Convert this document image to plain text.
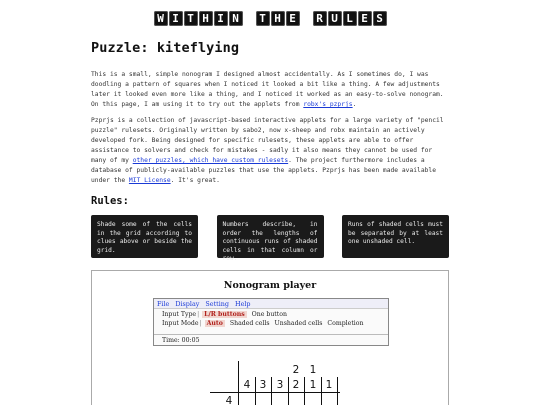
W I T H I N	T H E	R U L E S
Puzzle: kiteflying

This is a small, simple nonogram I designed almost accidentally. As I sometimes do, I was doodling a pattern of squares when I noticed it looked a bit like a thing. A few adjustments later it looked even more like a thing, and I noticed it worked as an easy-to-solve nonogram. On this page, I am using it to try out the applets from robx's pzprjs.

Pzprjs is a collection of javascript-based interactive applets for a large variety of "pencil puzzle" rulesets. Originally written by sabo2, now x-sheep and robx maintain an actively developed fork. Being designed for specific rulesets, these applets are able to offer assistance to solvers and check for mistakes - sadly it also means they cannot be used for many of my other puzzles, which have custom rulesets. The project furthermore includes a database of publicly-available puzzles that use the applets. Pzprjs has been made available under the MIT License. It's great.

Rules:
Shade some of the cells in the grid according to clues above or beside the grid.
Numbers describe, in order the lengths of continuous runs of shaded cells in that column or row.
Runs of shaded cells must be separated by at least one unshaded cell.
Nonogram player
File Display Setting Help
Input Type| L/R buttons One button
Input Mode| Auto Shaded cells Unshaded cells Completion
Time: 00:05
2 1
4 3 3 2 1 1
4
